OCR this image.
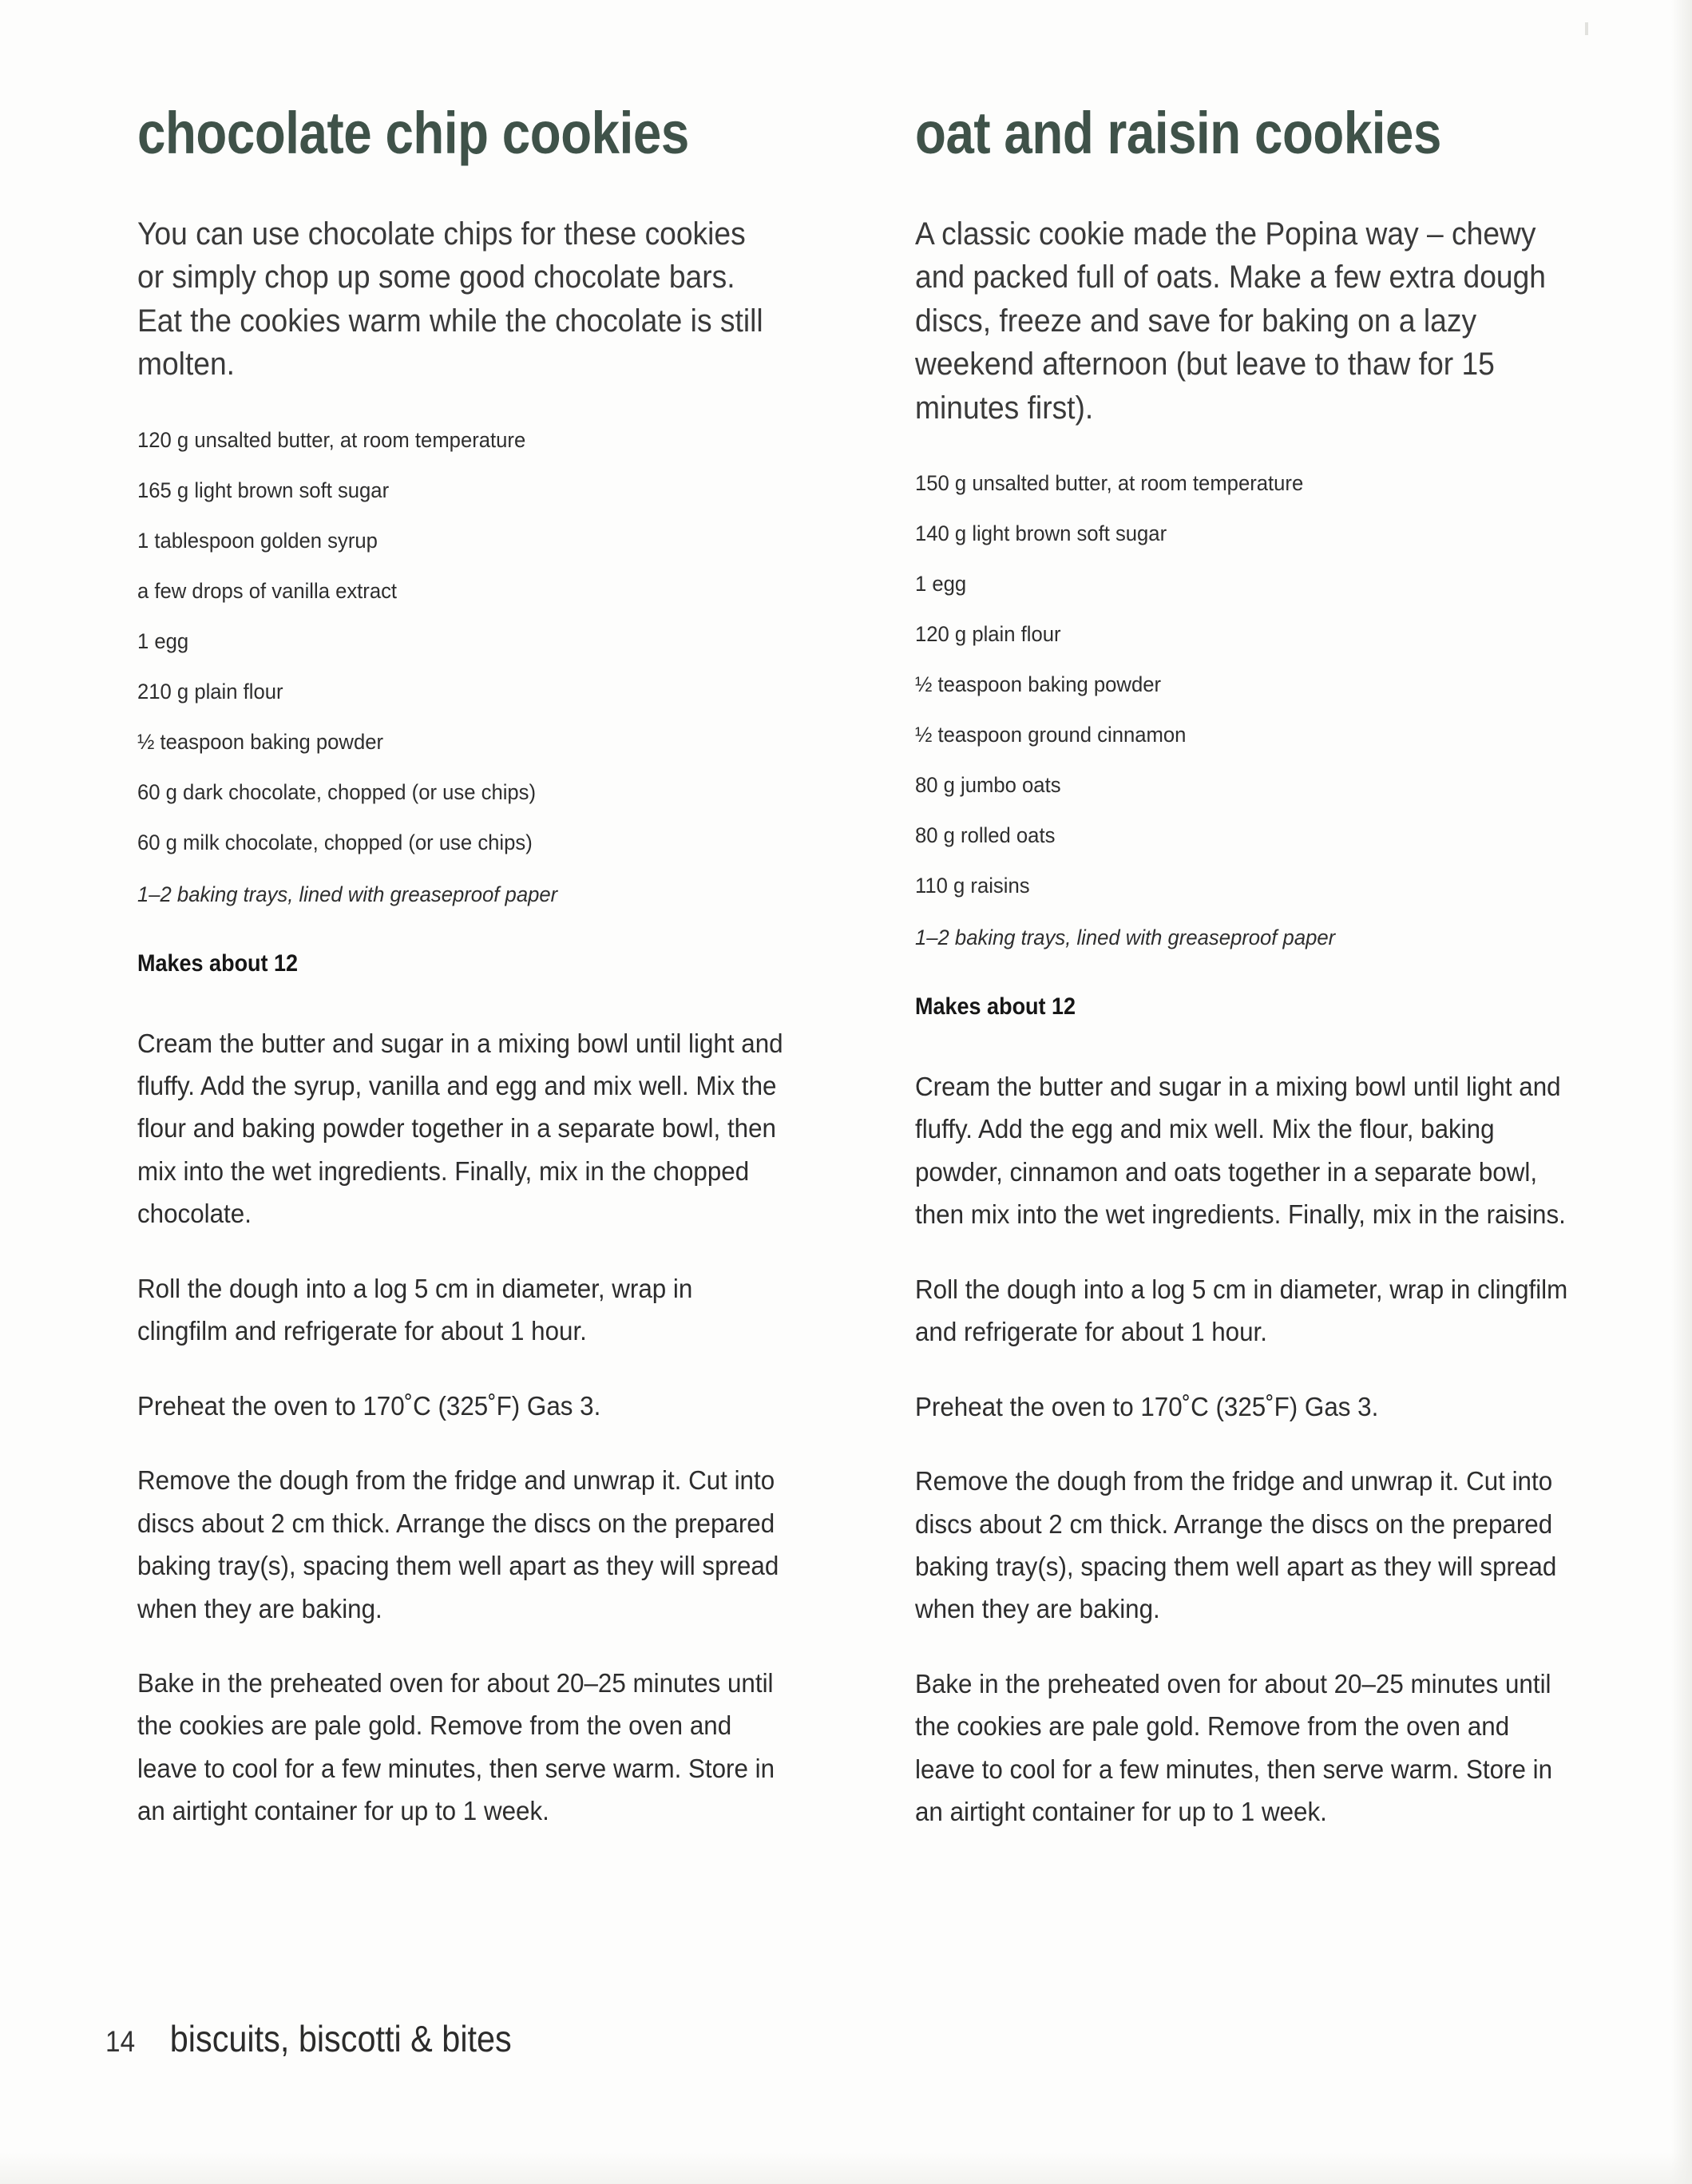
chocolate chip cookies

You can use chocolate chips for these cookies or simply chop up some good chocolate bars. Eat the cookies warm while the chocolate is still molten.

120 g unsalted butter, at room temperature
165 g light brown soft sugar
1 tablespoon golden syrup
a few drops of vanilla extract
1 egg
210 g plain flour
½ teaspoon baking powder
60 g dark chocolate, chopped (or use chips)
60 g milk chocolate, chopped (or use chips)

1–2 baking trays, lined with greaseproof paper

Makes about 12

Cream the butter and sugar in a mixing bowl until light and fluffy. Add the syrup, vanilla and egg and mix well. Mix the flour and baking powder together in a separate bowl, then mix into the wet ingredients. Finally, mix in the chopped chocolate.

Roll the dough into a log 5 cm in diameter, wrap in clingfilm and refrigerate for about 1 hour.

Preheat the oven to 170˚C (325˚F) Gas 3.

Remove the dough from the fridge and unwrap it. Cut into discs about 2 cm thick. Arrange the discs on the prepared baking tray(s), spacing them well apart as they will spread when they are baking.

Bake in the preheated oven for about 20–25 minutes until the cookies are pale gold. Remove from the oven and leave to cool for a few minutes, then serve warm. Store in an airtight container for up to 1 week.

oat and raisin cookies

A classic cookie made the Popina way – chewy and packed full of oats. Make a few extra dough discs, freeze and save for baking on a lazy weekend afternoon (but leave to thaw for 15 minutes first).

150 g unsalted butter, at room temperature
140 g light brown soft sugar
1 egg
120 g plain flour
½ teaspoon baking powder
½ teaspoon ground cinnamon
80 g jumbo oats
80 g rolled oats
110 g raisins

1–2 baking trays, lined with greaseproof paper

Makes about 12

Cream the butter and sugar in a mixing bowl until light and fluffy. Add the egg and mix well. Mix the flour, baking powder, cinnamon and oats together in a separate bowl, then mix into the wet ingredients. Finally, mix in the raisins.

Roll the dough into a log 5 cm in diameter, wrap in clingfilm and refrigerate for about 1 hour.

Preheat the oven to 170˚C (325˚F) Gas 3.

Remove the dough from the fridge and unwrap it. Cut into discs about 2 cm thick. Arrange the discs on the prepared baking tray(s), spacing them well apart as they will spread when they are baking.

Bake in the preheated oven for about 20–25 minutes until the cookies are pale gold. Remove from the oven and leave to cool for a few minutes, then serve warm. Store in an airtight container for up to 1 week.

14 biscuits, biscotti & bites
